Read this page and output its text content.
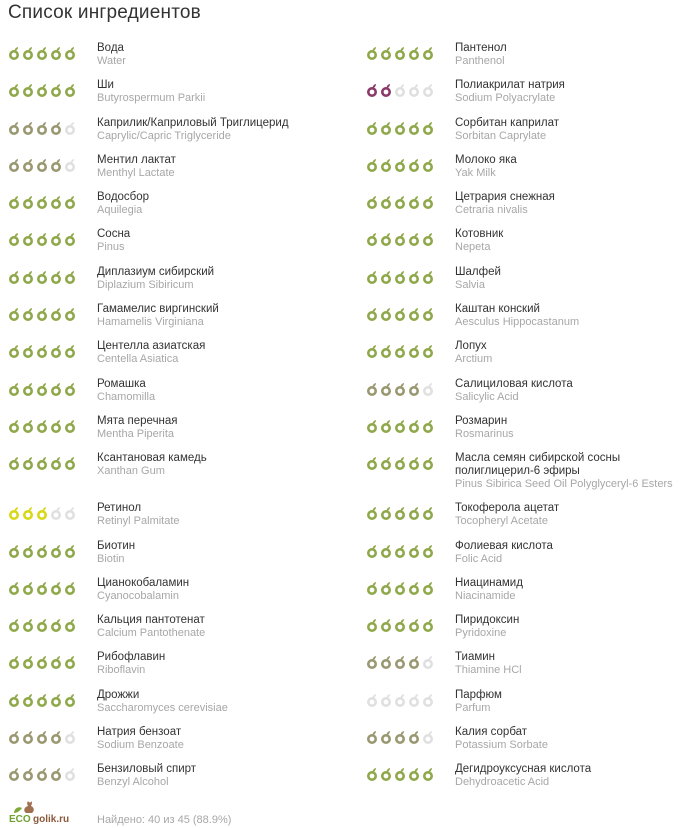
Список ингредиентов
Вода
Water
Ши
Butyrospermum Parkii
Каприлик/Каприловый Триглицерид
Caprylic/Capric Triglyceride
Ментил лактат
Menthyl Lactate
Водосбор
Aquilegia
Сосна
Pinus
Диплазиум сибирский
Diplazium Sibiricum
Гамамелис виргинский
Hamamelis Virginiana
Центелла азиатская
Centella Asiatica
Ромашка
Chamomilla
Мята перечная
Mentha Piperita
Ксантановая камедь
Xanthan Gum
Ретинол
Retinyl Palmitate
Биотин
Biotin
Цианокобаламин
Cyanocobalamin
Кальция пантотенат
Calcium Pantothenate
Рибофлавин
Riboflavin
Дрожжи
Saccharomyces cerevisiae
Натрия бензоат
Sodium Benzoate
Бензиловый спирт
Benzyl Alcohol
Пантенол
Panthenol
Полиакрилат натрия
Sodium Polyacrylate
Сорбитан каприлат
Sorbitan Caprylate
Молоко яка
Yak Milk
Цетрария снежная
Cetraria nivalis
Котовник
Nepeta
Шалфей
Salvia
Каштан конский
Aesculus Hippocastanum
Лопух
Arctium
Салициловая кислота
Salicylic Acid
Розмарин
Rosmarinus
Масла семян сибирской сосны полиглицерил-6 эфиры
Pinus Sibirica Seed Oil Polyglyceryl-6 Esters
Токоферола ацетат
Tocopheryl Acetate
Фолиевая кислота
Folic Acid
Ниацинамид
Niacinamide
Пиридоксин
Pyridoxine
Тиамин
Thiamine HCl
Парфюм
Parfum
Калия сорбат
Potassium Sorbate
Дегидроуксусная кислота
Dehydroacetic Acid
ECO golik.ru	Найдено: 40 из 45 (88.9%)
